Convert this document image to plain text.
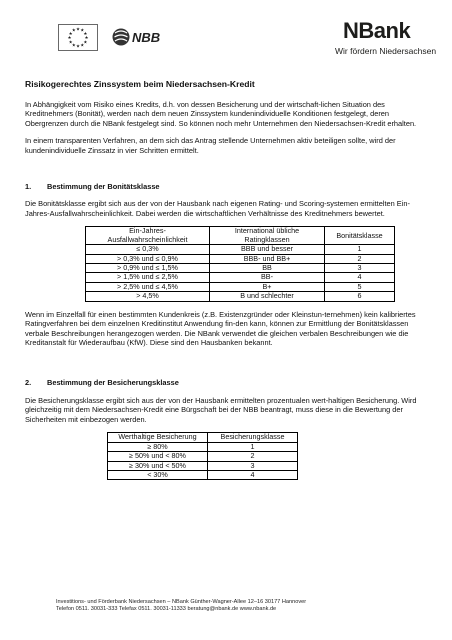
★ ★
★
★
★
★
★
★
★
★
★
★	NBB	NBank
Wir fördern Niedersachsen
Risikogerechtes Zinssystem beim Niedersachsen-Kredit

In Abhängigkeit vom Risiko eines Kredits, d.h. von dessen Besicherung und der wirtschaft-lichen Situation des Kreditnehmers (Bonität), werden nach dem neuen Zinssystem kundenindividuelle Konditionen festgelegt, deren Obergrenzen durch die NBank festgelegt sind. So können noch mehr Unternehmen den Niedersachsen-Kredit erhalten.

In einem transparenten Verfahren, an dem sich das Antrag stellende Unternehmen aktiv beteiligen sollte, wird der kundenindividuelle Zinssatz in vier Schritten ermittelt.

1. Bestimmung der Bonitätsklasse

Die Bonitätsklasse ergibt sich aus der von der Hausbank nach eigenen Rating- und Scoring-systemen ermittelten Ein-Jahres-Ausfallwahrscheinlichkeit. Dabei werden die wirtschaftlichen Verhältnisse des Kreditnehmers bewertet.

Ein-Jahres-Ausfallwahrscheinlichkeit	International übliche Ratingklassen	Bonitätsklasse
≤ 0,3%	BBB und besser	1
> 0,3% und ≤ 0,9%	BBB- und BB+	2
> 0,9% und ≤ 1,5%	BB	3
> 1,5% und ≤ 2,5%	BB-	4
> 2,5% und ≤ 4,5%	B+	5
> 4,5%	B und schlechter	6

Wenn im Einzelfall für einen bestimmten Kundenkreis (z.B. Existenzgründer oder Kleinstun-ternehmen) kein kalibriertes Ratingverfahren bei dem einzelnen Kreditinstitut Anwendung fin-den kann, können zur Ermittlung der Bonitätsklassen verbale Beschreibungen herangezogen werden. Die NBank verwendet die gleichen verbalen Beschreibungen wie die Kreditanstalt für Wiederaufbau (KfW). Diese sind den Hausbanken bekannt.

2. Bestimmung der Besicherungsklasse

Die Besicherungsklasse ergibt sich aus der von der Hausbank ermittelten prozentualen wert-haltigen Besicherung. Wird gleichzeitig mit dem Niedersachsen-Kredit eine Bürgschaft bei der NBB beantragt, muss diese in die Bewertung der Sicherheiten mit einbezogen werden.

Werthaltige Besicherung	Besicherungsklasse
≥ 80%	1
≥ 50% und < 80%	2
≥ 30% und < 50%	3
< 30%	4
Investitions- und Förderbank Niedersachsen – NBank Günther-Wagner-Allee 12–16 30177 Hannover
Telefon 0511. 30031-333 Telefax 0511. 30031-11333 beratung@nbank.de www.nbank.de
